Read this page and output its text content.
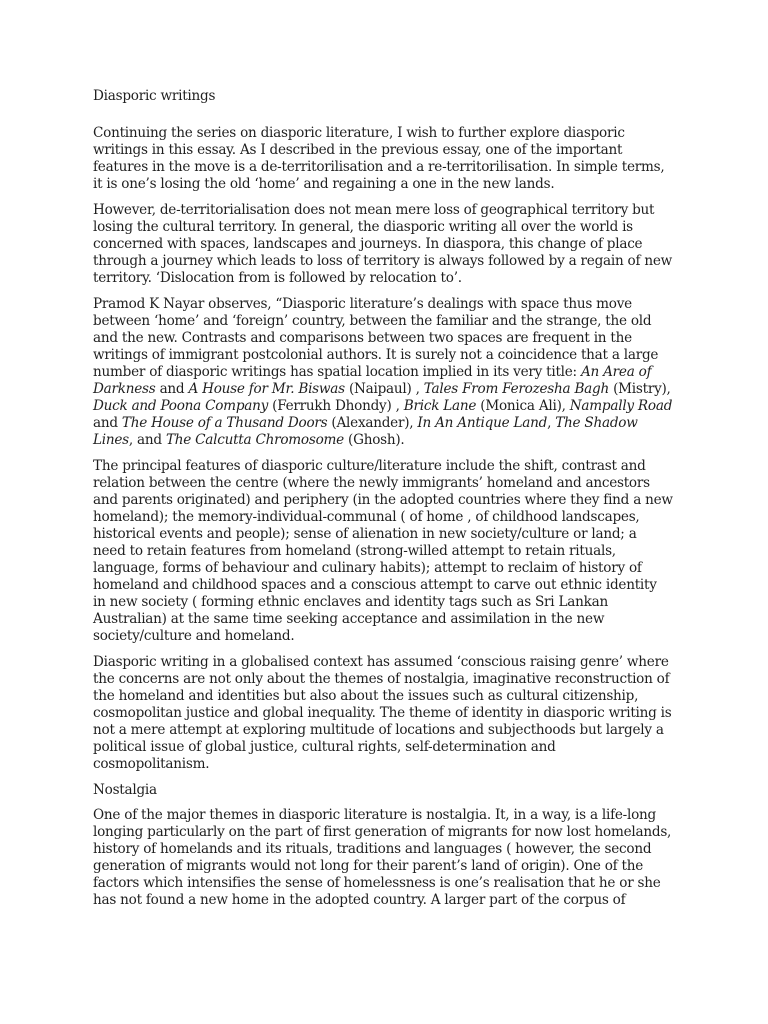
Diasporic writings

Continuing the series on diasporic literature, I wish to further explore diasporic writings in this essay. As I described in the previous essay, one of the important features in the move is a de-territorilisation and a re-territorilisation. In simple terms, it is one’s losing the old ‘home’ and regaining a one in the new lands.

However, de-territorialisation does not mean mere loss of geographical territory but losing the cultural territory. In general, the diasporic writing all over the world is concerned with spaces, landscapes and journeys. In diaspora, this change of place through a journey which leads to loss of territory is always followed by a regain of new territory. ‘Dislocation from is followed by relocation to’.

Pramod K Nayar observes, “Diasporic literature’s dealings with space thus move between ‘home’ and ‘foreign’ country, between the familiar and the strange, the old and the new. Contrasts and comparisons between two spaces are frequent in the writings of immigrant postcolonial authors. It is surely not a coincidence that a large number of diasporic writings has spatial location implied in its very title: An Area of Darkness and A House for Mr. Biswas (Naipaul) , Tales From Ferozesha Bagh (Mistry), Duck and Poona Company (Ferrukh Dhondy) , Brick Lane (Monica Ali), Nampally Road and The House of a Thusand Doors (Alexander), In An Antique Land, The Shadow Lines, and The Calcutta Chromosome (Ghosh).

The principal features of diasporic culture/literature include the shift, contrast and relation between the centre (where the newly immigrants’ homeland and ancestors and parents originated) and periphery (in the adopted countries where they find a new homeland); the memory-individual-communal ( of home , of childhood landscapes, historical events and people); sense of alienation in new society/culture or land; a need to retain features from homeland (strong-willed attempt to retain rituals, language, forms of behaviour and culinary habits); attempt to reclaim of history of homeland and childhood spaces and a conscious attempt to carve out ethnic identity in new society ( forming ethnic enclaves and identity tags such as Sri Lankan Australian) at the same time seeking acceptance and assimilation in the new society/culture and homeland.

Diasporic writing in a globalised context has assumed ‘conscious raising genre’ where the concerns are not only about the themes of nostalgia, imaginative reconstruction of the homeland and identities but also about the issues such as cultural citizenship, cosmopolitan justice and global inequality. The theme of identity in diasporic writing is not a mere attempt at exploring multitude of locations and subjecthoods but largely a political issue of global justice, cultural rights, self-determination and cosmopolitanism.

Nostalgia

One of the major themes in diasporic literature is nostalgia. It, in a way, is a life-long longing particularly on the part of first generation of migrants for now lost homelands, history of homelands and its rituals, traditions and languages ( however, the second generation of migrants would not long for their parent’s land of origin). One of the factors which intensifies the sense of homelessness is one’s realisation that he or she has not found a new home in the adopted country. A larger part of the corpus of
